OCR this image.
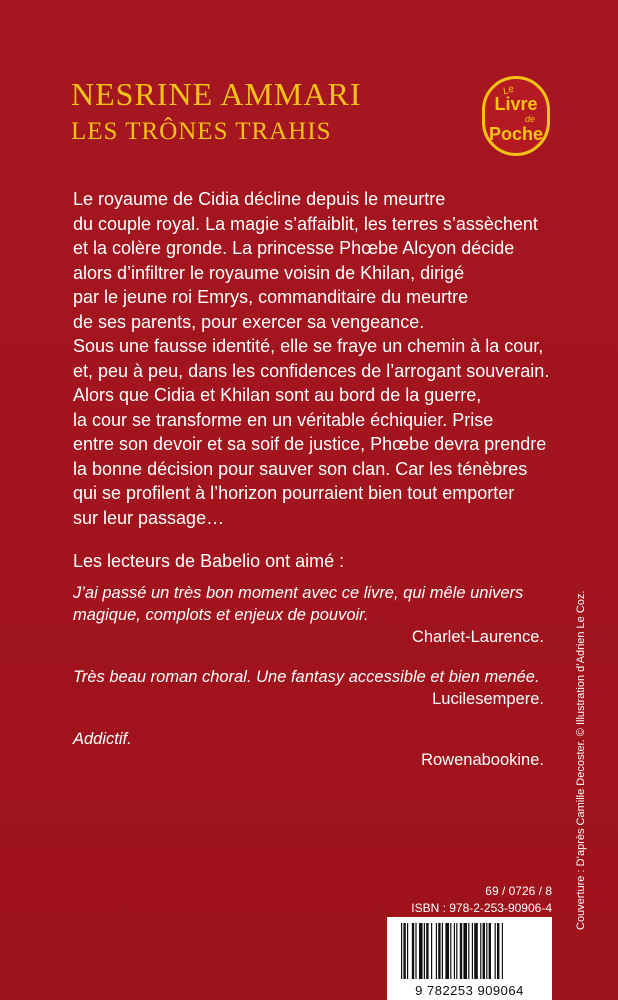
NESRINE AMMARI
LES TRÔNES TRAHIS
Le
Livre
de
Poche
Le royaume de Cidia décline depuis le meurtre
du couple royal. La magie s’affaiblit, les terres s’assèchent
et la colère gronde. La princesse Phœbe Alcyon décide
alors d’infiltrer le royaume voisin de Khilan, dirigé
par le jeune roi Emrys, commanditaire du meurtre
de ses parents, pour exercer sa vengeance.
Sous une fausse identité, elle se fraye un chemin à la cour,
et, peu à peu, dans les confidences de l’arrogant souverain.
Alors que Cidia et Khilan sont au bord de la guerre,
la cour se transforme en un véritable échiquier. Prise
entre son devoir et sa soif de justice, Phœbe devra prendre
la bonne décision pour sauver son clan. Car les ténèbres
qui se profilent à l’horizon pourraient bien tout emporter
sur leur passage…
Les lecteurs de Babelio ont aimé :
J’ai passé un très bon moment avec ce livre, qui mêle univers
magique, complots et enjeux de pouvoir.
Charlet-Laurence.
Très beau roman choral. Une fantasy accessible et bien menée.
Lucilesempere.
Addictif.
Rowenabookine.	Couverture : D’après Camille Decoster. © Illustration d’Adrien Le Coz.
69 / 0726 / 8
ISBN : 978-2-253-90906-4
9 782253 909064
